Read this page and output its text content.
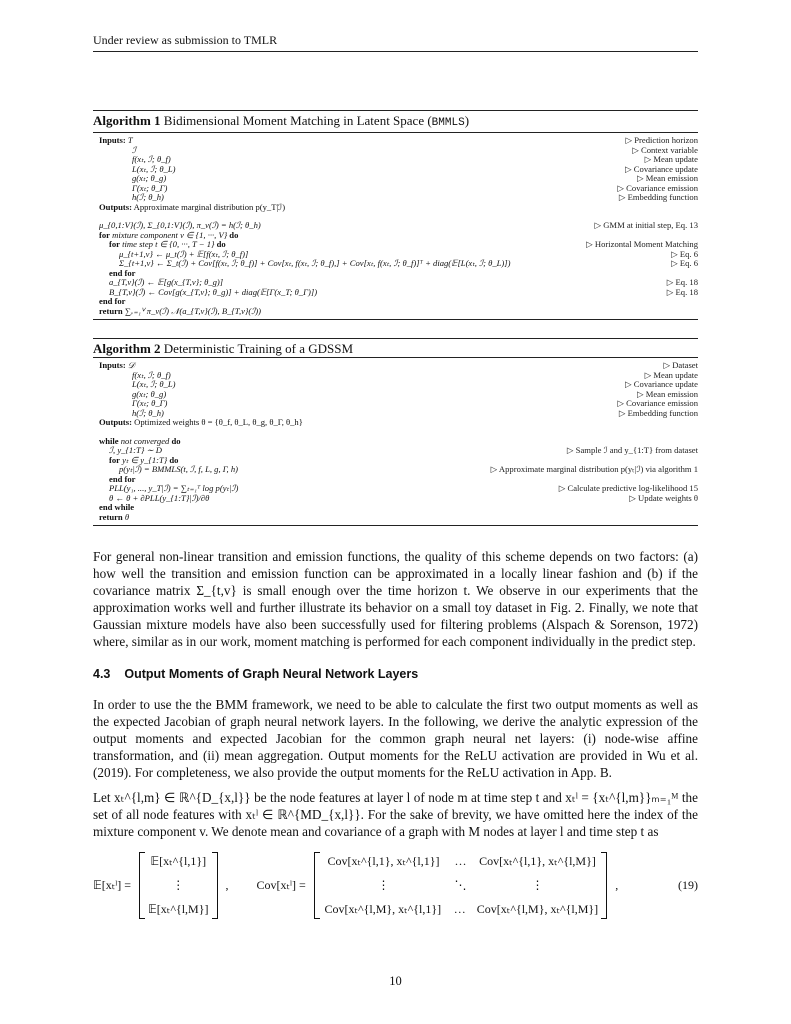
Under review as submission to TMLR
Algorithm 1 Bidimensional Moment Matching in Latent Space (BMMLS)
Inputs: T	▷ Prediction horizon
ℐ	▷ Context variable
f(xₜ, ℐ; θ_f)	▷ Mean update
L(xₜ, ℐ; θ_L)	▷ Covariance update
g(xₜ; θ_g)	▷ Mean emission
Γ(xₜ; θ_Γ)	▷ Covariance emission
h(ℐ; θ_h)	▷ Embedding function
Outputs: Approximate marginal distribution p(y_T|ℐ)
μ_{0,1:V}(ℐ), Σ_{0,1:V}(ℐ), π_v(ℐ) = h(ℐ; θ_h)	▷ GMM at initial step, Eq. 13
for mixture component v ∈ {1, ···, V} do
for time step t ∈ {0, ···, T − 1} do	▷ Horizontal Moment Matching
μ_{t+1,v} ← μ_t(ℐ) + 𝔼[f(xₜ, ℐ; θ_f)]	▷ Eq. 6
Σ_{t+1,v} ← Σ_t(ℐ) + Cov[f(xₜ, ℐ; θ_f)] + Cov[xₜ, f(xₜ, ℐ; θ_f),] + Cov[xₜ, f(xₜ, ℐ; θ_f)]ᵀ + diag(𝔼[L(xₜ, ℐ; θ_L)])	▷ Eq. 6
end for
a_{T,v}(ℐ) ← 𝔼[g(x_{T,v}; θ_g)]	▷ Eq. 18
B_{T,v}(ℐ) ← Cov[g(x_{T,v}; θ_g)] + diag(𝔼[Γ(x_T; θ_Γ)])	▷ Eq. 18
end for
return ∑ᵥ₌₁ⱽ π_v(ℐ) 𝒩(a_{T,v}(ℐ), B_{T,v}(ℐ))
Algorithm 2 Deterministic Training of a GDSSM
Inputs: 𝒟	▷ Dataset
f(xₜ, ℐ; θ_f)	▷ Mean update
L(xₜ, ℐ; θ_L)	▷ Covariance update
g(xₜ; θ_g)	▷ Mean emission
Γ(xₜ; θ_Γ)	▷ Covariance emission
h(ℐ; θ_h)	▷ Embedding function
Outputs: Optimized weights θ = {θ_f, θ_L, θ_g, θ_Γ, θ_h}
while not converged do
ℐ, y_{1:T} ∼ D	▷ Sample ℐ and y_{1:T} from dataset
for yₜ ∈ y_{1:T} do
p(yₜ|ℐ) = BMMLS(t, ℐ, f, L, g, Γ, h)	▷ Approximate marginal distribution p(yₜ|ℐ) via algorithm 1
end for
PLL(y₁, ..., y_T|ℐ) = ∑ₜ₌₁ᵀ log p(yₜ|ℐ)	▷ Calculate predictive log-likelihood 15
θ ← θ + ∂PLL(y_{1:T}|ℐ)/∂θ	▷ Update weights θ
end while
return θ
For general non-linear transition and emission functions, the quality of this scheme depends on two factors: (a) how well the transition and emission function can be approximated in a locally linear fashion and (b) if the covariance matrix Σ_{t,v} is small enough over the time horizon t. We observe in our experiments that the approximation works well and further illustrate its behavior on a small toy dataset in Fig. 2. Finally, we note that Gaussian mixture models have also been successfully used for filtering problems (Alspach & Sorenson, 1972) where, similar as in our work, moment matching is performed for each component individually in the predict step.
4.3 Output Moments of Graph Neural Network Layers
In order to use the the BMM framework, we need to be able to calculate the first two output moments as well as the expected Jacobian of graph neural network layers. In the following, we derive the analytic expression of the output moments and expected Jacobian for the common graph neural net layers: (i) node-wise affine transformation, and (ii) mean aggregation. Output moments for the ReLU activation are provided in Wu et al. (2019). For completeness, we also provide the output moments for the ReLU activation in App. B.
Let xₜ^{l,m} ∈ ℝ^{D_{x,l}} be the node features at layer l of node m at time step t and xₜˡ = {xₜ^{l,m}}ₘ₌₁ᴹ the set of all node features with xₜˡ ∈ ℝ^{MD_{x,l}}. For the sake of brevity, we have omitted here the index of the mixture component v. We denote mean and covariance of a graph with M nodes at layer l and time step t as
𝔼[xₜˡ] =
𝔼[xₜ^{l,1}]
⋮
𝔼[xₜ^{l,M}]
, Cov[xₜˡ] =
Cov[xₜ^{l,1}, xₜ^{l,1}]	… Cov[xₜ^{l,1}, xₜ^{l,M}]
⋮	⋱	⋮
Cov[xₜ^{l,M}, xₜ^{l,1}] … Cov[xₜ^{l,M}, xₜ^{l,M}]
,	(19)
10
